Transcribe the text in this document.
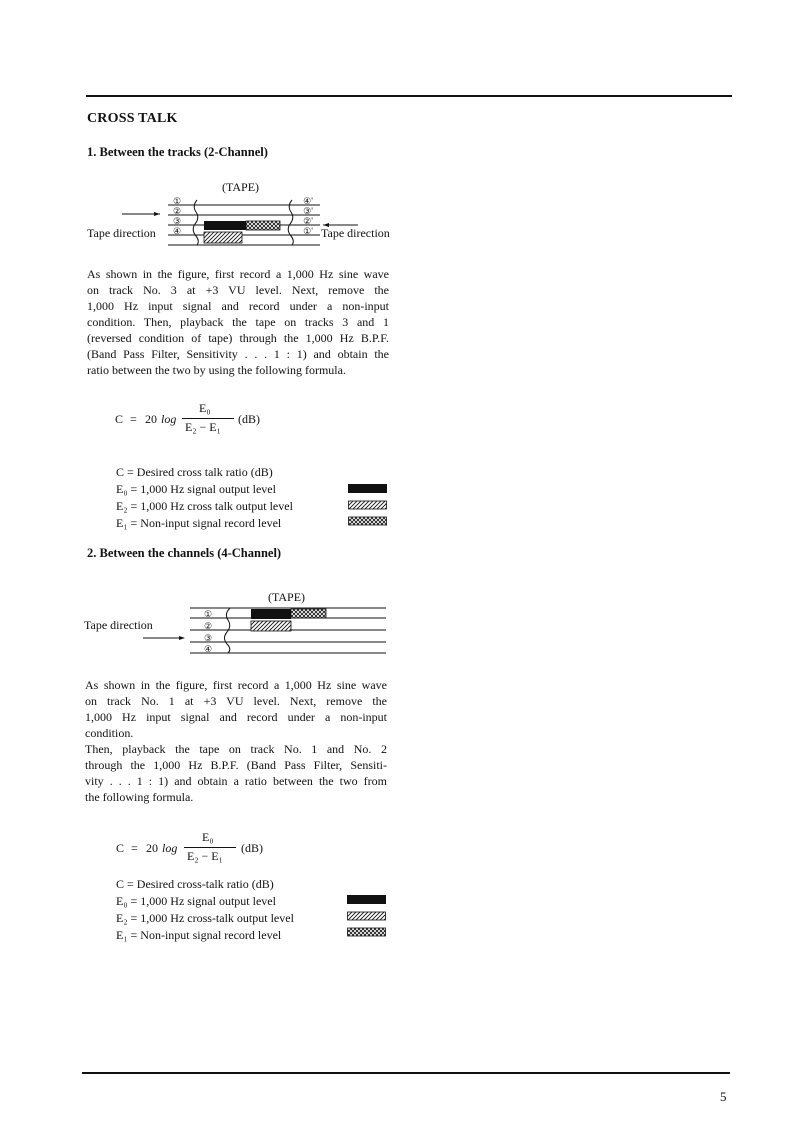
CROSS TALK
1. Between the tracks (2-Channel)
(TAPE)
Tape direction	Tape direction
①
②
③
④
④'
③'
②'
①'
As shown in the figure, first record a 1,000 Hz sine wave
on track No. 3 at +3 VU level. Next, remove the
1,000 Hz input signal and record under a non-input
condition. Then, playback the tape on tracks 3 and 1
(reversed condition of tape) through the 1,000 Hz B.P.F.
(Band Pass Filter, Sensitivity . . . 1 : 1) and obtain the
ratio between the two by using the following formula.
C = 20 log
E₀
E₂ − E₁
(dB)
C = Desired cross talk ratio (dB)
E₀ = 1,000 Hz signal output level
E₂ = 1,000 Hz cross talk output level
E₁ = Non-input signal record level
2. Between the channels (4-Channel)
(TAPE)
Tape direction
①
②
③
④
As shown in the figure, first record a 1,000 Hz sine wave
on track No. 1 at +3 VU level. Next, remove the
1,000 Hz input signal and record under a non-input
condition.
Then, playback the tape on track No. 1 and No. 2
through the 1,000 Hz B.P.F. (Band Pass Filter, Sensiti-
vity . . . 1 : 1) and obtain a ratio between the two from
the following formula.
C = 20 log
E₀
E₂ − E₁
(dB)
C = Desired cross-talk ratio (dB)
E₀ = 1,000 Hz signal output level
E₂ = 1,000 Hz cross-talk output level
E₁ = Non-input signal record level
5
